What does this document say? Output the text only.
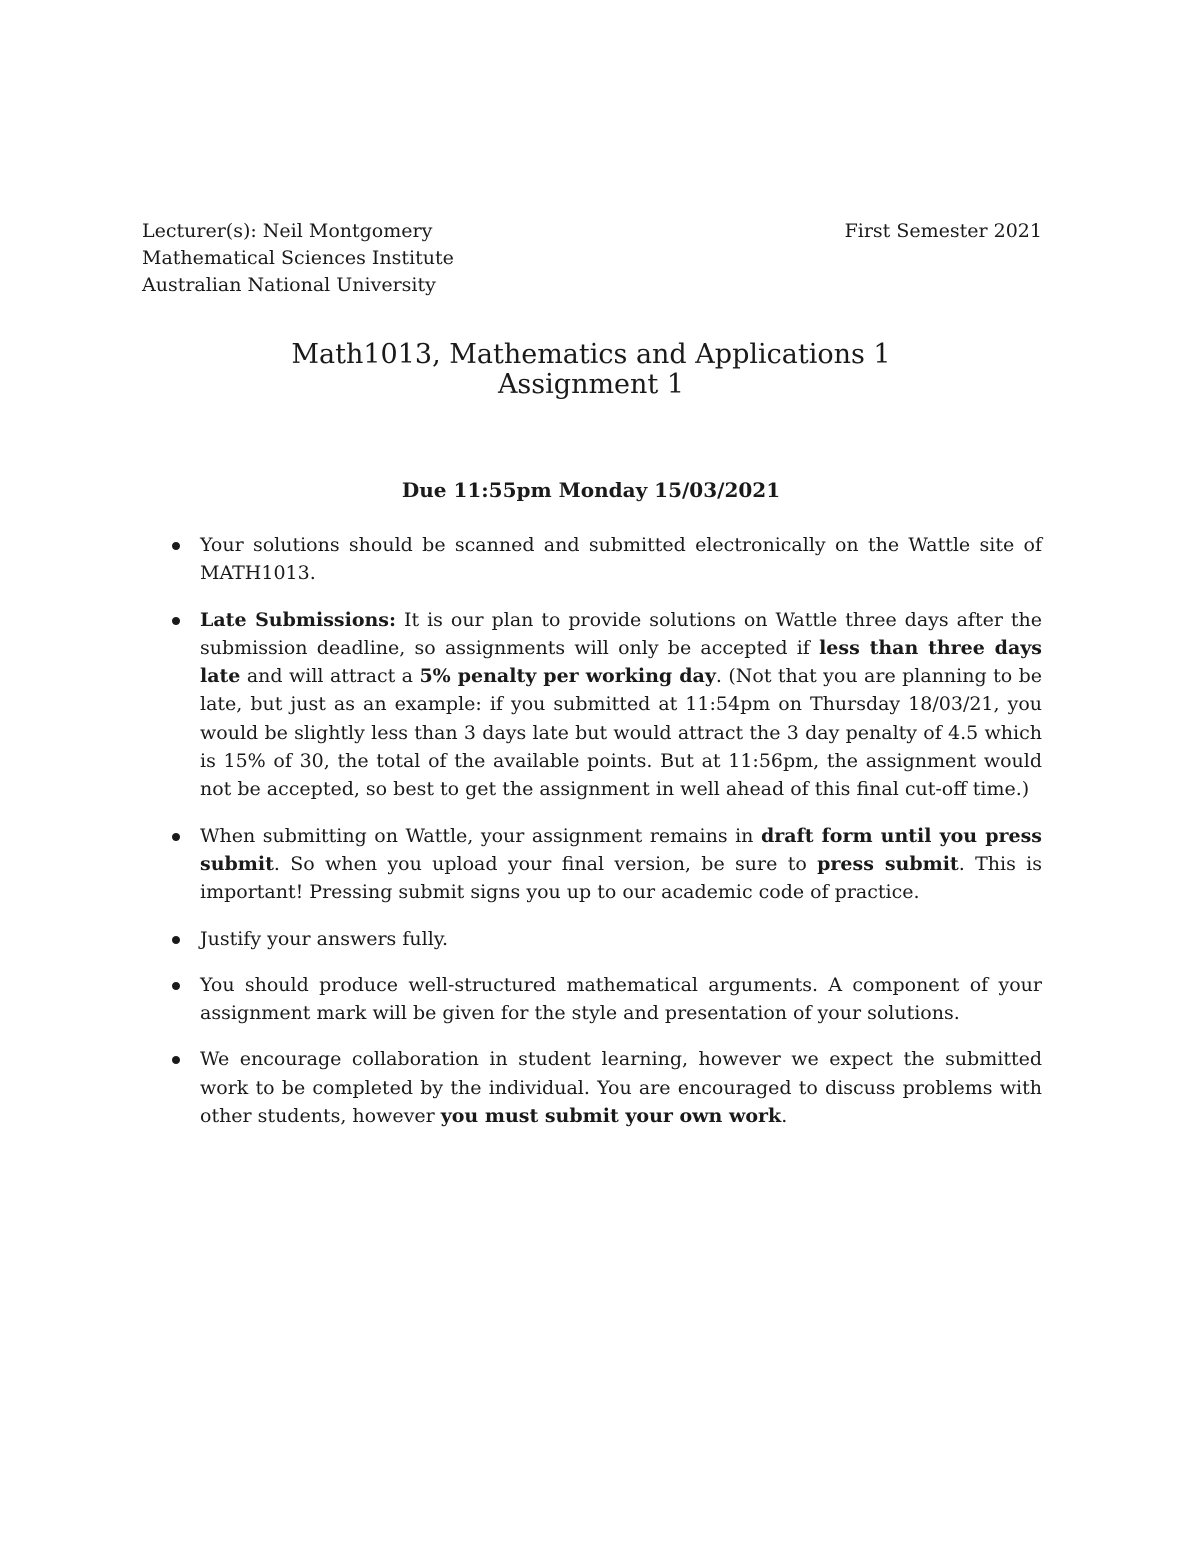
Lecturer(s): Neil Montgomery
Mathematical Sciences Institute
Australian National University
First Semester 2021
Math1013, Mathematics and Applications 1
Assignment 1
Due 11:55pm Monday 15/03/2021
Your solutions should be scanned and submitted electronically on the Wattle site of MATH1013.
Late Submissions: It is our plan to provide solutions on Wattle three days after the submission deadline, so assignments will only be accepted if less than three days late and will attract a 5% penalty per working day. (Not that you are planning to be late, but just as an example: if you submitted at 11:54pm on Thursday 18/03/21, you would be slightly less than 3 days late but would attract the 3 day penalty of 4.5 which is 15% of 30, the total of the available points. But at 11:56pm, the assignment would not be accepted, so best to get the assignment in well ahead of this final cut-off time.)
When submitting on Wattle, your assignment remains in draft form until you press submit. So when you upload your final version, be sure to press submit. This is important! Pressing submit signs you up to our academic code of practice.
Justify your answers fully.
You should produce well-structured mathematical arguments. A component of your assignment mark will be given for the style and presentation of your solutions.
We encourage collaboration in student learning, however we expect the submitted work to be completed by the individual. You are encouraged to discuss problems with other students, however you must submit your own work.
